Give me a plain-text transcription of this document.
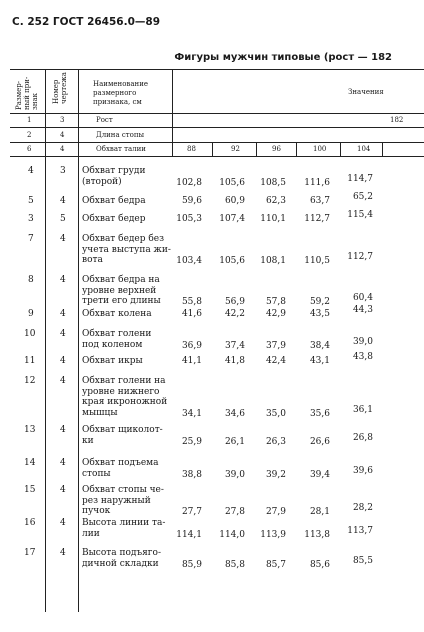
С. 252 ГОСТ 26456.0—89
Фигуры мужчин типовые (рост — 182
Размер-
ный при-
знак Номер
чертежа	Наименование
размерного
признака, см
Значения
1	3	Рост	182
2	4	Длина стопы
6	4	Обхват талии	88	92	96	100	104
4	3 Обхват груди
(второй)	102,8	105,6	108,5	111,6	114,7
5	4 Обхват бедра	59,6	60,9	62,3	63,7	65,2
3	5 Обхват бедер	105,3	107,4	110,1	112,7	115,4
7	4 Обхват бедер без
учета выступа жи-
вота	103,4	105,6	108,1	110,5	112,7
8	4 Обхват бедра на
уровне верхней
трети его длины	55,8	56,9	57,8	59,2	60,4
9	4 Обхват колена	41,6	42,2	42,9	43,5	44,3
10	4 Обхват голени
под коленом	36,9	37,4	37,9	38,4	39,0
11	4 Обхват икры	41,1	41,8	42,4	43,1	43,8
12	4 Обхват голени на
уровне нижнего
края икроножной
мышцы	34,1	34,6	35,0	35,6	36,1
13	4 Обхват щиколот-
ки	25,9	26,1	26,3	26,6	26,8
14	4 Обхват подъема
стопы	38,8	39,0	39,2	39,4	39,6
15	4 Обхват стопы че-
рез наружный
пучок	27,7	27,8	27,9	28,1	28,2
16	4 Высота линии та-
лии	114,1	114,0	113,9	113,8	113,7
17	4 Высота подъяго-
дичной складки	85,9	85,8	85,7	85,6	85,5
